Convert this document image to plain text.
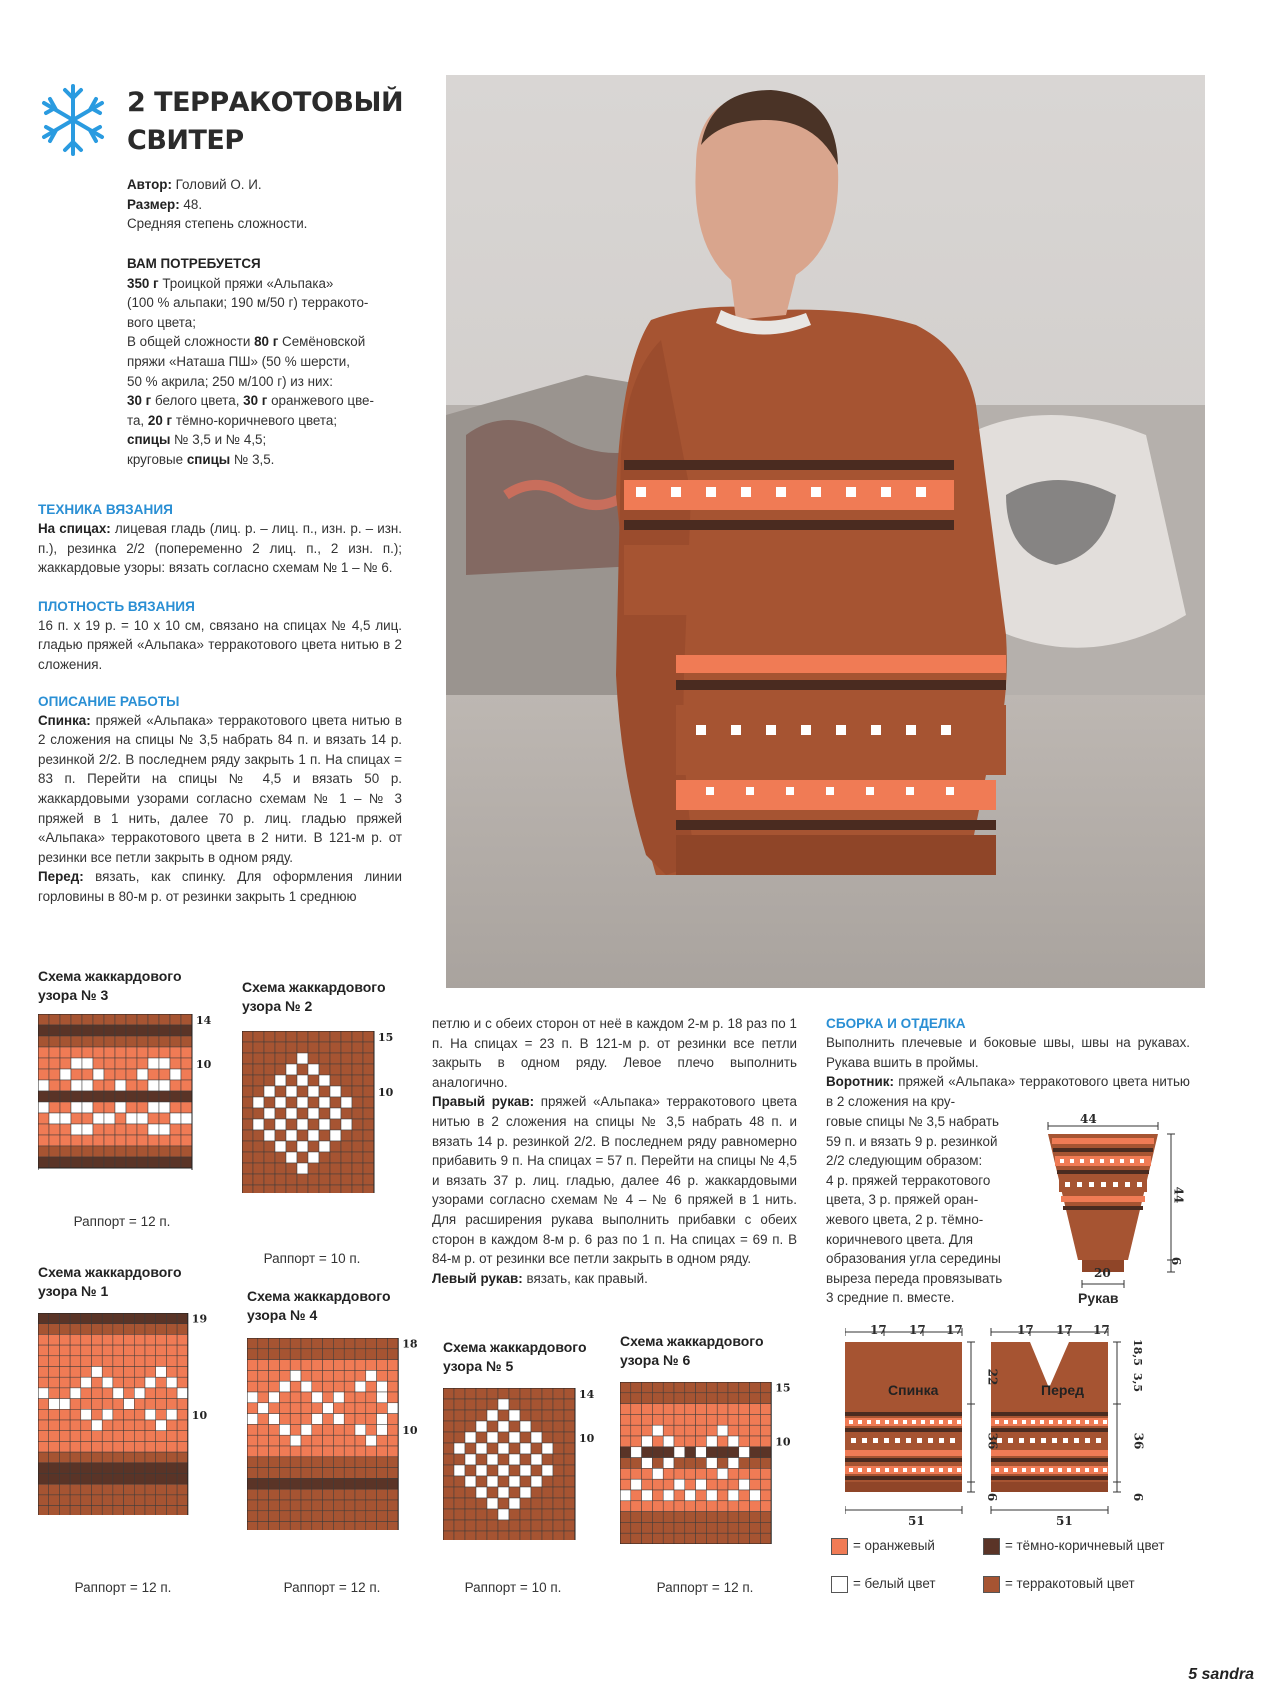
2 ТЕРРАКОТОВЫЙ
СВИТЕР
Автор: Головий О. И.
Размер: 48.
Средняя степень сложности.
ВАМ ПОТРЕБУЕТСЯ
350 г Троицкой пряжи «Альпака»
(100 % альпаки; 190 м/50 г) терракото-
вого цвета;
В общей сложности 80 г Семёновской
пряжи «Наташа ПШ» (50 % шерсти,
50 % акрила; 250 м/100 г) из них:
30 г белого цвета, 30 г оранжевого цве-
та, 20 г тёмно-коричневого цвета;
спицы № 3,5 и № 4,5;
круговые спицы № 3,5.
ТЕХНИКА ВЯЗАНИЯ
На спицах: лицевая гладь (лиц. р. – лиц. п., изн. р. – изн. п.), резинка 2/2 (попеременно 2 лиц. п., 2 изн. п.); жаккардовые узоры: вязать согласно схемам № 1 – № 6.
ПЛОТНОСТЬ ВЯЗАНИЯ
16 п. х 19 р. = 10 х 10 см, связано на спицах № 4,5 лиц. гладью пряжей «Альпака» терракотового цвета нитью в 2 сложения.
ОПИСАНИЕ РАБОТЫ
Спинка: пряжей «Альпака» терракотового цвета нитью в 2 сложения на спицы № 3,5 набрать 84 п. и вязать 14 р. резинкой 2/2. В последнем ряду закрыть 1 п. На спицах = 83 п. Перейти на спицы № 4,5 и вязать 50 р. жаккардовыми узорами согласно схемам № 1 – № 3 пряжей в 1 нить, далее 70 р. лиц. гладью пряжей «Альпака» терракотового цвета в 2 нити. В 121-м р. от резинки все петли закрыть в одном ряду.
Перед: вязать, как спинку. Для оформления линии горловины в 80-м р. от резинки закрыть 1 среднюю
Схема жаккардового
узора № 3
14
10
Раппорт = 12 п.
Схема жаккардового
узора № 2
15
10
Раппорт = 10 п.
Схема жаккардового
узора № 1
19
10
Раппорт = 12 п.
Схема жаккардового
узора № 4
18
10
Раппорт = 12 п.
Схема жаккардового
узора № 5
14
10
Раппорт = 10 п.
Схема жаккардового
узора № 6
15
10
Раппорт = 12 п.
петлю и с обеих сторон от неё в каждом 2-м р. 18 раз по 1 п. На спицах = 23 п. В 121-м р. от резинки все петли закрыть в одном ряду. Левое плечо выполнить аналогично.
Правый рукав: пряжей «Альпака» терракотового цвета нитью в 2 сложения на спицы № 3,5 набрать 48 п. и вязать 14 р. резинкой 2/2. В последнем ряду равномерно прибавить 9 п. На спицах = 57 п. Перейти на спицы № 4,5 и вязать 37 р. лиц. гладью, далее 46 р. жаккардовыми узорами согласно схемам № 4 – № 6 пряжей в 1 нить. Для расширения рукава выполнить прибавки с обеих сторон в каждом 8-м р. 6 раз по 1 п. На спицах = 69 п. В 84-м р. от резинки все петли закрыть в одном ряду.
Левый рукав: вязать, как правый.
СБОРКА И ОТДЕЛКА
Выполнить плечевые и боковые швы, швы на рукавах. Рукава вшить в проймы.
Воротник: пряжей «Альпака» терракотового цвета нитью в 2 сложения на кру-
говые спицы № 3,5 набрать
59 п. и вязать 9 р. резинкой
2/2 следующим образом:
4 р. пряжей терракотового
цвета, 3 р. пряжей оран-
жевого цвета, 2 р. тёмно-
коричневого цвета. Для
образования угла середины
выреза переда провязывать
3 средние п. вместе.
44
20
44
6
Рукав
Спинка	Перед
17 17 17	17 17 17
22
36
6
18,5
3,5
36
6
51	51
= оранжевый	= тёмно-коричневый цвет
= белый цвет	= терракотовый цвет
5 sandra
